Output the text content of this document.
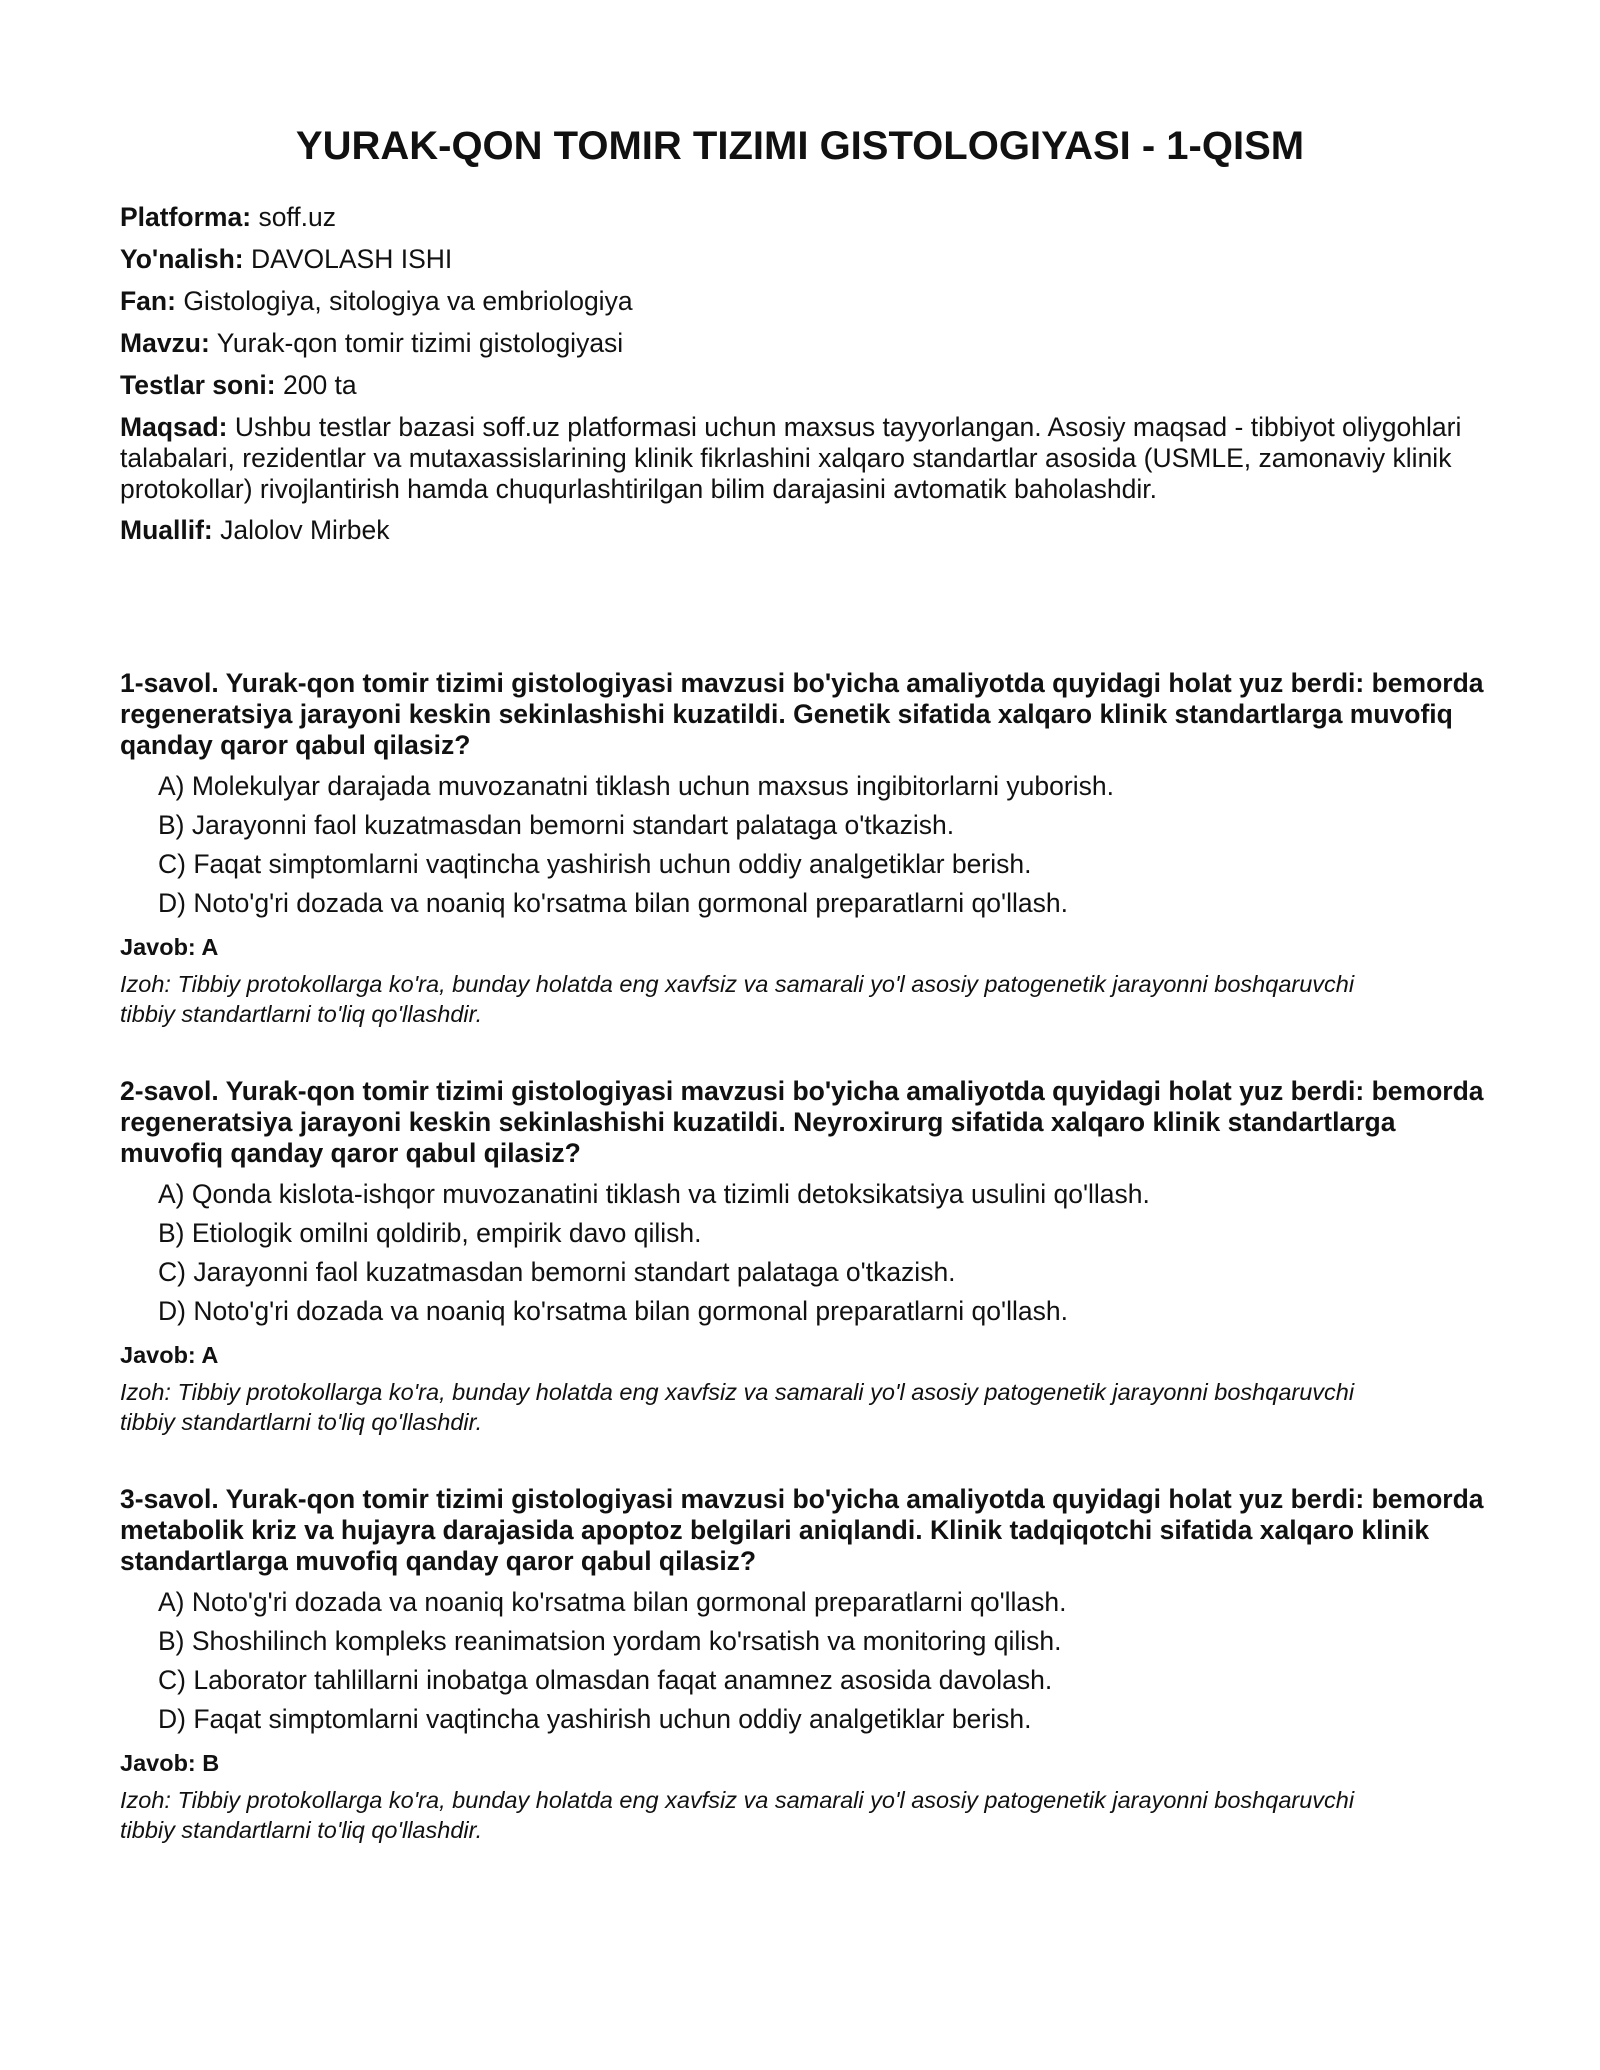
YURAK-QON TOMIR TIZIMI GISTOLOGIYASI - 1-QISM

Platforma: soff.uz

Yo'nalish: DAVOLASH ISHI

Fan: Gistologiya, sitologiya va embriologiya

Mavzu: Yurak-qon tomir tizimi gistologiyasi

Testlar soni: 200 ta

Maqsad: Ushbu testlar bazasi soff.uz platformasi uchun maxsus tayyorlangan. Asosiy maqsad - tibbiyot oliygohlari talabalari, rezidentlar va mutaxassislarining klinik fikrlashini xalqaro standartlar asosida (USMLE, zamonaviy klinik protokollar) rivojlantirish hamda chuqurlashtirilgan bilim darajasini avtomatik baholashdir.

Muallif: Jalolov Mirbek

1-savol. Yurak-qon tomir tizimi gistologiyasi mavzusi bo'yicha amaliyotda quyidagi holat yuz berdi: bemorda regeneratsiya jarayoni keskin sekinlashishi kuzatildi. Genetik sifatida xalqaro klinik standartlarga muvofiq qanday qaror qabul qilasiz?

A) Molekulyar darajada muvozanatni tiklash uchun maxsus ingibitorlarni yuborish.
B) Jarayonni faol kuzatmasdan bemorni standart palataga o'tkazish.
C) Faqat simptomlarni vaqtincha yashirish uchun oddiy analgetiklar berish.
D) Noto'g'ri dozada va noaniq ko'rsatma bilan gormonal preparatlarni qo'llash.

Javob: A

Izoh: Tibbiy protokollarga ko'ra, bunday holatda eng xavfsiz va samarali yo'l asosiy patogenetik jarayonni boshqaruvchi tibbiy standartlarni to'liq qo'llashdir.

2-savol. Yurak-qon tomir tizimi gistologiyasi mavzusi bo'yicha amaliyotda quyidagi holat yuz berdi: bemorda regeneratsiya jarayoni keskin sekinlashishi kuzatildi. Neyroxirurg sifatida xalqaro klinik standartlarga muvofiq qanday qaror qabul qilasiz?

A) Qonda kislota-ishqor muvozanatini tiklash va tizimli detoksikatsiya usulini qo'llash.
B) Etiologik omilni qoldirib, empirik davo qilish.
C) Jarayonni faol kuzatmasdan bemorni standart palataga o'tkazish.
D) Noto'g'ri dozada va noaniq ko'rsatma bilan gormonal preparatlarni qo'llash.

Javob: A

Izoh: Tibbiy protokollarga ko'ra, bunday holatda eng xavfsiz va samarali yo'l asosiy patogenetik jarayonni boshqaruvchi tibbiy standartlarni to'liq qo'llashdir.

3-savol. Yurak-qon tomir tizimi gistologiyasi mavzusi bo'yicha amaliyotda quyidagi holat yuz berdi: bemorda metabolik kriz va hujayra darajasida apoptoz belgilari aniqlandi. Klinik tadqiqotchi sifatida xalqaro klinik standartlarga muvofiq qanday qaror qabul qilasiz?

A) Noto'g'ri dozada va noaniq ko'rsatma bilan gormonal preparatlarni qo'llash.
B) Shoshilinch kompleks reanimatsion yordam ko'rsatish va monitoring qilish.
C) Laborator tahlillarni inobatga olmasdan faqat anamnez asosida davolash.
D) Faqat simptomlarni vaqtincha yashirish uchun oddiy analgetiklar berish.

Javob: B

Izoh: Tibbiy protokollarga ko'ra, bunday holatda eng xavfsiz va samarali yo'l asosiy patogenetik jarayonni boshqaruvchi tibbiy standartlarni to'liq qo'llashdir.
